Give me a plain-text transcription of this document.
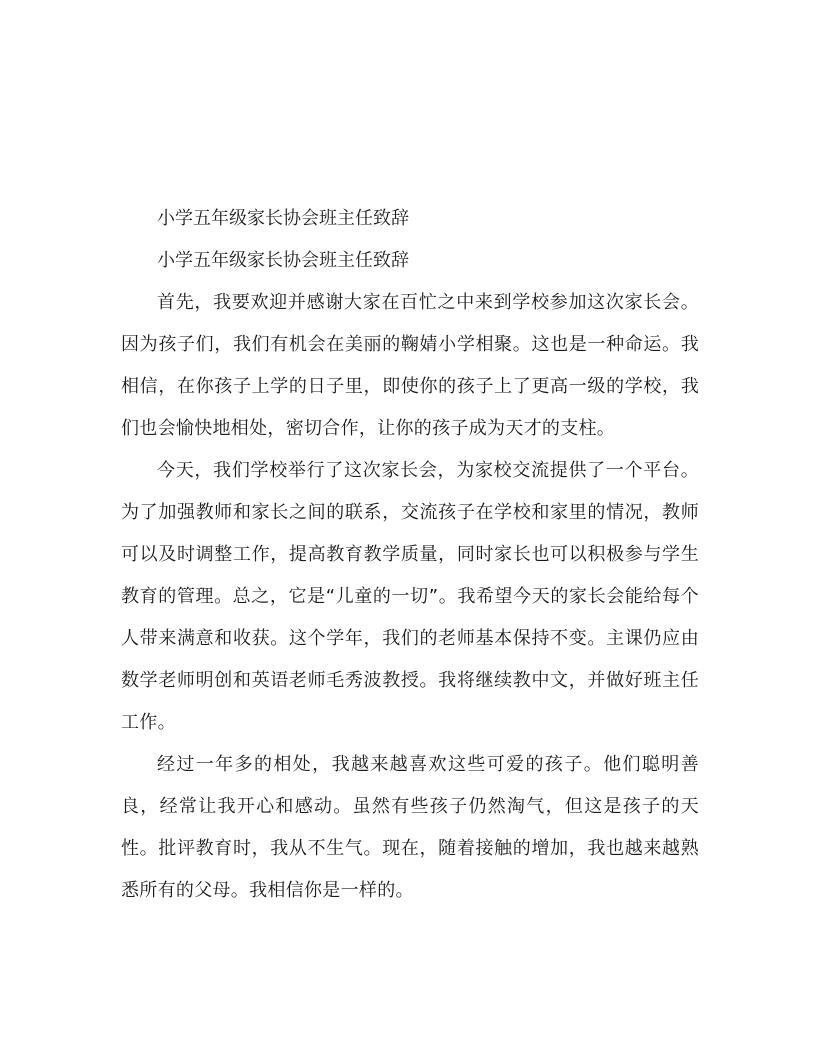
小学五年级家长协会班主任致辞

小学五年级家长协会班主任致辞

首先，我要欢迎并感谢大家在百忙之中来到学校参加这次家长会。因为孩子们，我们有机会在美丽的鞠婧小学相聚。这也是一种命运。我相信，在你孩子上学的日子里，即使你的孩子上了更高一级的学校，我们也会愉快地相处，密切合作，让你的孩子成为天才的支柱。

今天，我们学校举行了这次家长会，为家校交流提供了一个平台。为了加强教师和家长之间的联系，交流孩子在学校和家里的情况，教师可以及时调整工作，提高教育教学质量，同时家长也可以积极参与学生教育的管理。总之，它是“儿童的一切”。我希望今天的家长会能给每个人带来满意和收获。这个学年，我们的老师基本保持不变。主课仍应由数学老师明创和英语老师毛秀波教授。我将继续教中文，并做好班主任工作。

经过一年多的相处，我越来越喜欢这些可爱的孩子。他们聪明善良，经常让我开心和感动。虽然有些孩子仍然淘气，但这是孩子的天性。批评教育时，我从不生气。现在，随着接触的增加，我也越来越熟悉所有的父母。我相信你是一样的。
